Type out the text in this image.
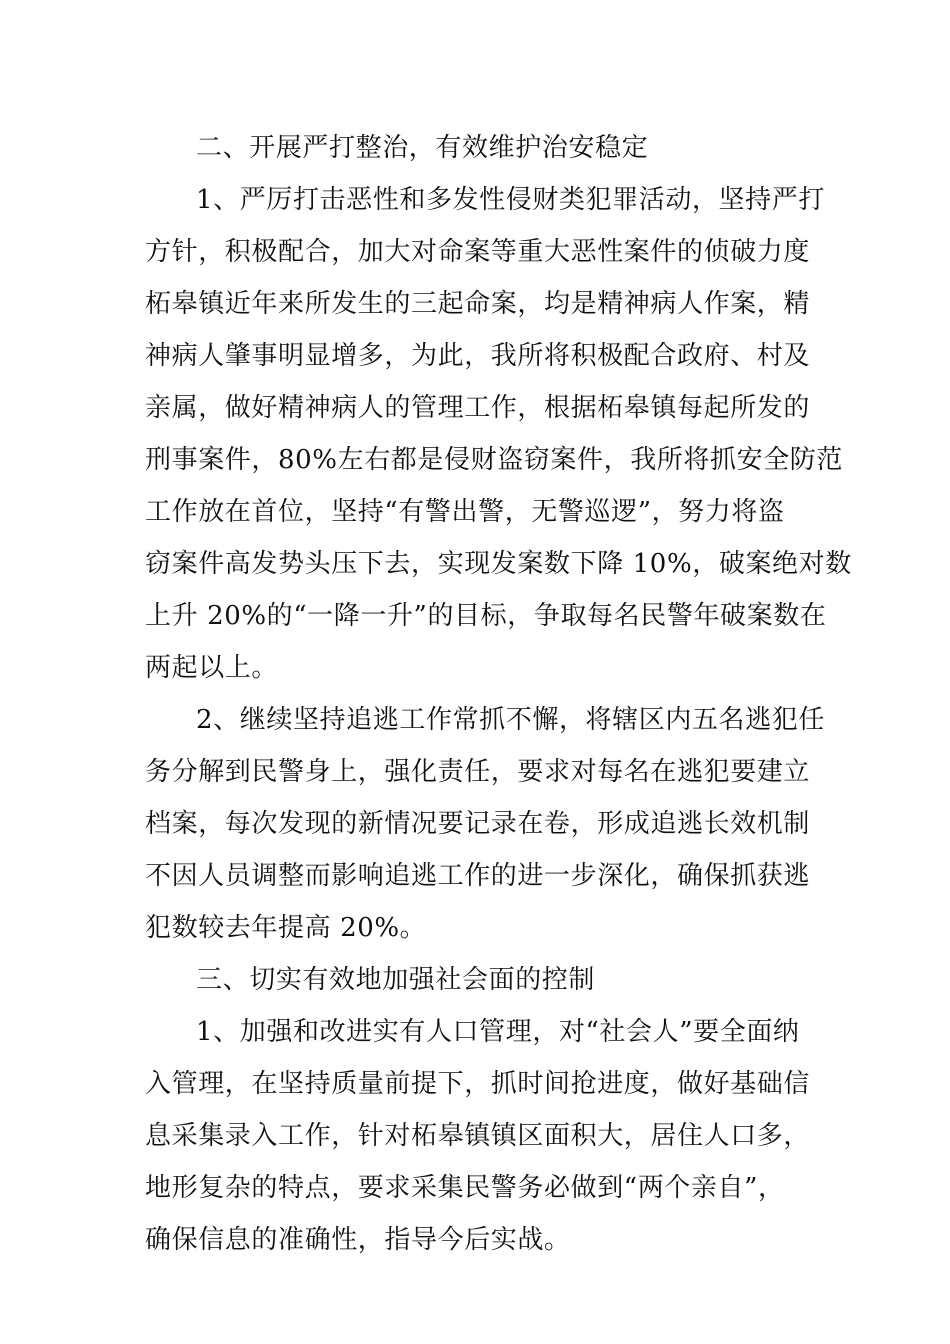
二、开展严打整治，有效维护治安稳定
1、严厉打击恶性和多发性侵财类犯罪活动，坚持严打
方针，积极配合，加大对命案等重大恶性案件的侦破力度
柘皋镇近年来所发生的三起命案，均是精神病人作案，精
神病人肇事明显增多，为此，我所将积极配合政府、村及
亲属，做好精神病人的管理工作，根据柘皋镇每起所发的
刑事案件，80%左右都是侵财盗窃案件，我所将抓安全防范
工作放在首位，坚持“有警出警，无警巡逻”，努力将盗
窃案件高发势头压下去，实现发案数下降 10%，破案绝对数
上升 20%的“一降一升”的目标，争取每名民警年破案数在
两起以上。
2、继续坚持追逃工作常抓不懈，将辖区内五名逃犯任
务分解到民警身上，强化责任，要求对每名在逃犯要建立
档案，每次发现的新情况要记录在卷，形成追逃长效机制
不因人员调整而影响追逃工作的进一步深化，确保抓获逃
犯数较去年提高 20%。
三、切实有效地加强社会面的控制
1、加强和改进实有人口管理，对“社会人”要全面纳
入管理，在坚持质量前提下，抓时间抢进度，做好基础信
息采集录入工作，针对柘皋镇镇区面积大，居住人口多，
地形复杂的特点，要求采集民警务必做到“两个亲自”，
确保信息的准确性，指导今后实战。
